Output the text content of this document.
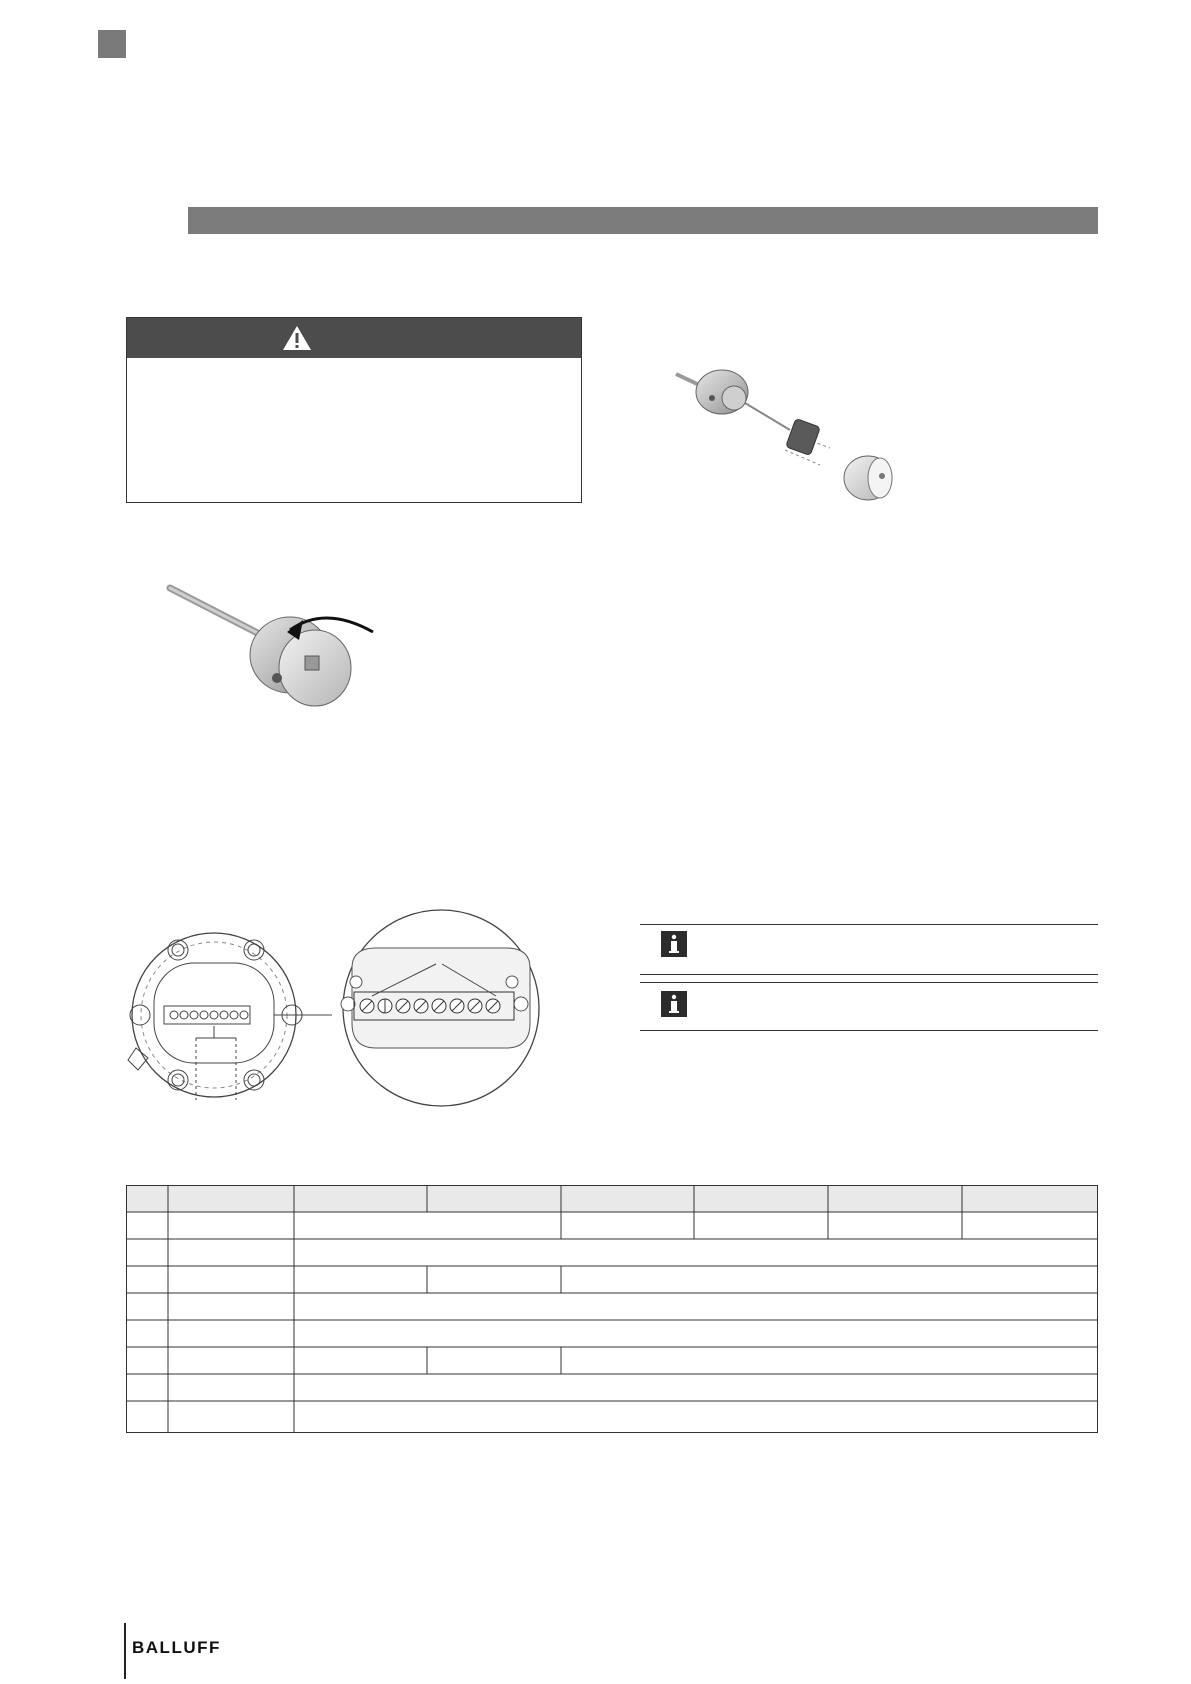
BALLUFF
